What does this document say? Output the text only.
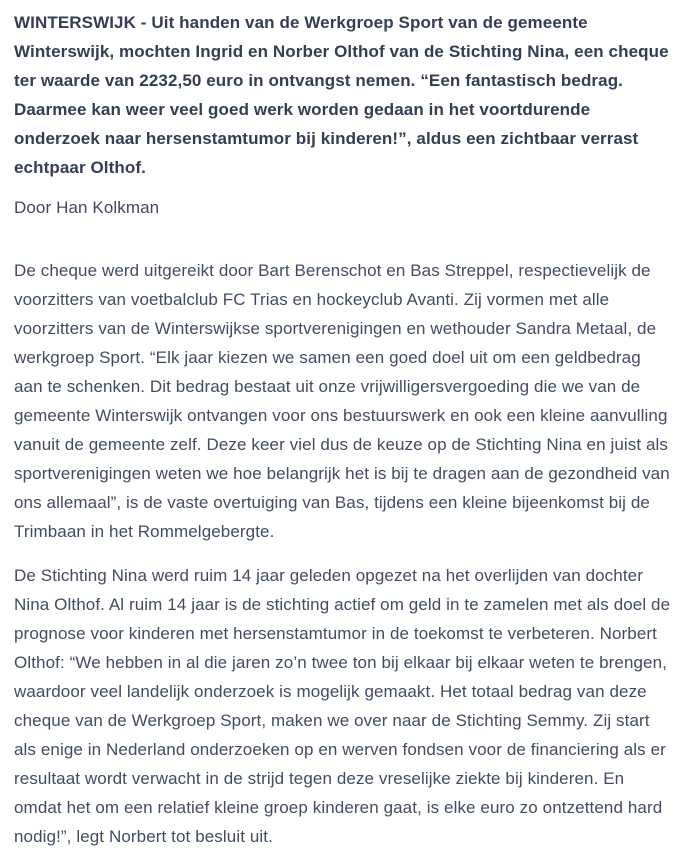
WINTERSWIJK - Uit handen van de Werkgroep Sport van de gemeente Winterswijk, mochten Ingrid en Norber Olthof van de Stichting Nina, een cheque ter waarde van 2232,50 euro in ontvangst nemen. “Een fantastisch bedrag. Daarmee kan weer veel goed werk worden gedaan in het voortdurende onderzoek naar hersenstamtumor bij kinderen!”, aldus een zichtbaar verrast echtpaar Olthof.

Door Han Kolkman

De cheque werd uitgereikt door Bart Berenschot en Bas Streppel, respectievelijk de voorzitters van voetbalclub FC Trias en hockeyclub Avanti. Zij vormen met alle voorzitters van de Winterswijkse sportverenigingen en wethouder Sandra Metaal, de werkgroep Sport. “Elk jaar kiezen we samen een goed doel uit om een geldbedrag aan te schenken. Dit bedrag bestaat uit onze vrijwilligersvergoeding die we van de gemeente Winterswijk ontvangen voor ons bestuurswerk en ook een kleine aanvulling vanuit de gemeente zelf. Deze keer viel dus de keuze op de Stichting Nina en juist als sportverenigingen weten we hoe belangrijk het is bij te dragen aan de gezondheid van ons allemaal”, is de vaste overtuiging van Bas, tijdens een kleine bijeenkomst bij de Trimbaan in het Rommelgebergte.

De Stichting Nina werd ruim 14 jaar geleden opgezet na het overlijden van dochter Nina Olthof. Al ruim 14 jaar is de stichting actief om geld in te zamelen met als doel de prognose voor kinderen met hersenstamtumor in de toekomst te verbeteren. Norbert Olthof: “We hebben in al die jaren zo’n twee ton bij elkaar bij elkaar weten te brengen, waardoor veel landelijk onderzoek is mogelijk gemaakt. Het totaal bedrag van deze cheque van de Werkgroep Sport, maken we over naar de Stichting Semmy. Zij start als enige in Nederland onderzoeken op en werven fondsen voor de financiering als er resultaat wordt verwacht in de strijd tegen deze vreselijke ziekte bij kinderen. En omdat het om een relatief kleine groep kinderen gaat, is elke euro zo ontzettend hard nodig!”, legt Norbert tot besluit uit.
